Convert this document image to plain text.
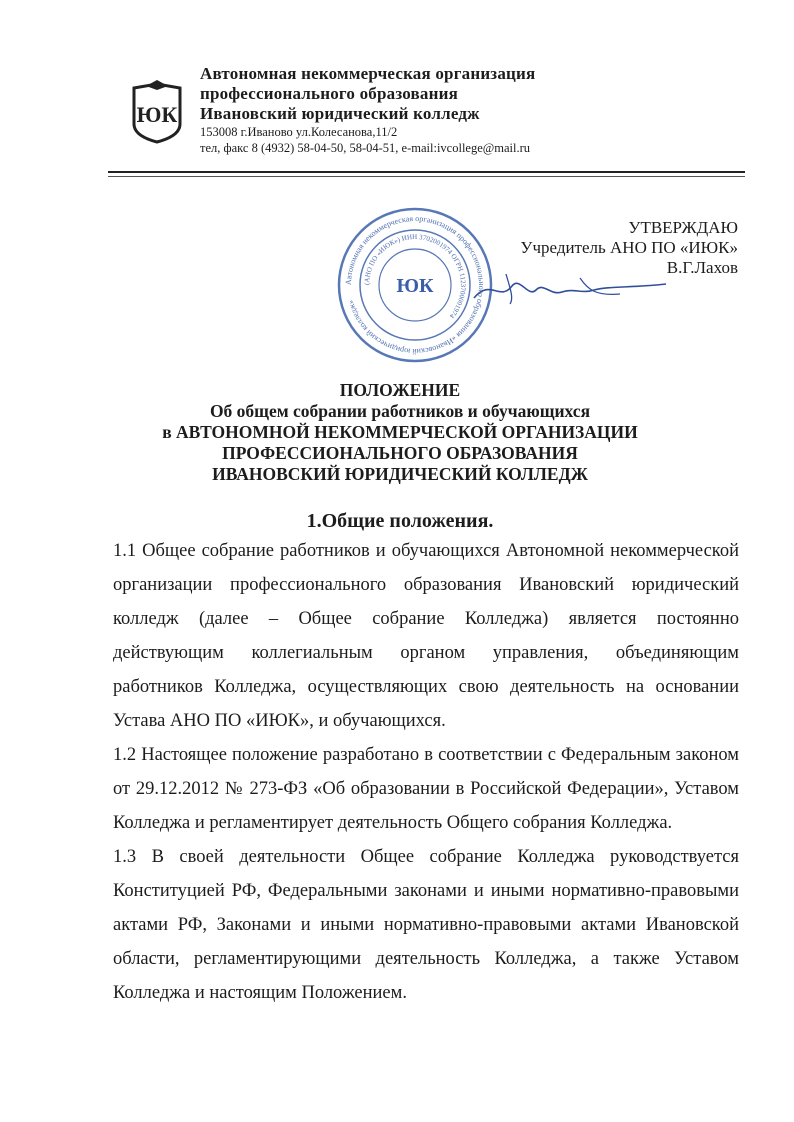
ЮК
Автономная некоммерческая организация
профессионального образования
Ивановский юридический колледж
153008 г.Иваново ул.Колесанова,11/2
тел, факс 8 (4932) 58-04-50, 58-04-51, e-mail:ivcollege@mail.ru
Автономная некоммерческая организация профессионального образования «Ивановский юридический колледж»
(АНО ПО «ИЮК») ИНН 3702001974 ОГРН 1123700001974
ЮК
УТВЕРЖДАЮ
Учредитель АНО ПО «ИЮК»
В.Г.Лахов
ПОЛОЖЕНИЕ
Об общем собрании работников и обучающихся
в АВТОНОМНОЙ НЕКОММЕРЧЕСКОЙ ОРГАНИЗАЦИИ
ПРОФЕССИОНАЛЬНОГО ОБРАЗОВАНИЯ
ИВАНОВСКИЙ ЮРИДИЧЕСКИЙ КОЛЛЕДЖ
1.Общие положения.

1.1 Общее собрание работников и обучающихся Автономной некоммерческой организации профессионального образования Ивановский юридический колледж (далее – Общее собрание Колледжа) является постоянно действующим коллегиальным органом управления, объединяющим работников Колледжа, осуществляющих свою деятельность на основании Устава АНО ПО «ИЮК», и обучающихся.

1.2 Настоящее положение разработано в соответствии с Федеральным законом от 29.12.2012 № 273-ФЗ «Об образовании в Российской Федерации», Уставом Колледжа и регламентирует деятельность Общего собрания Колледжа.

1.3 В своей деятельности Общее собрание Колледжа руководствуется Конституцией РФ, Федеральными законами и иными нормативно-правовыми актами РФ, Законами и иными нормативно-правовыми актами Ивановской области, регламентирующими деятельность Колледжа, а также Уставом Колледжа и настоящим Положением.
